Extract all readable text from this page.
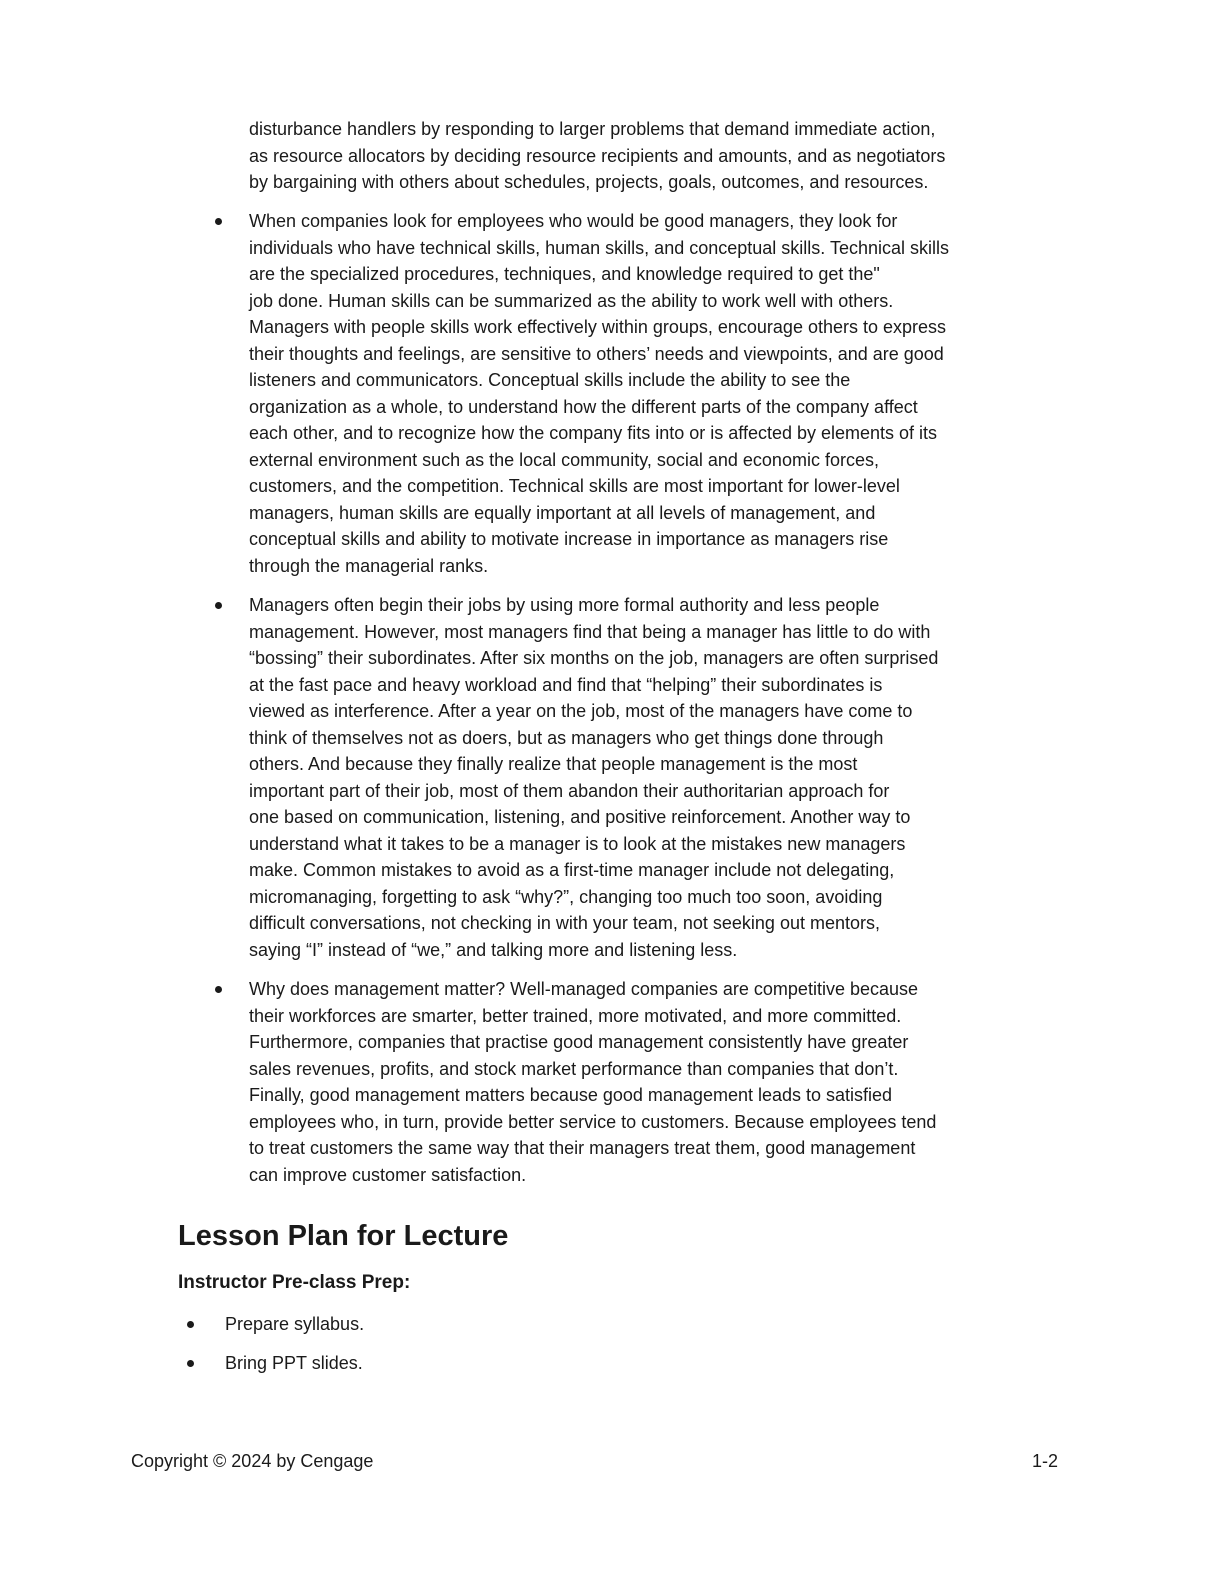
disturbance handlers by responding to larger problems that demand immediate action,
as resource allocators by deciding resource recipients and amounts, and as negotiators
by bargaining with others about schedules, projects, goals, outcomes, and resources.

When companies look for employees who would be good managers, they look for
individuals who have technical skills, human skills, and conceptual skills. Technical skills
are the specialized procedures, techniques, and knowledge required to get the"
job done. Human skills can be summarized as the ability to work well with others.
Managers with people skills work effectively within groups, encourage others to express
their thoughts and feelings, are sensitive to others’ needs and viewpoints, and are good
listeners and communicators. Conceptual skills include the ability to see the
organization as a whole, to understand how the different parts of the company affect
each other, and to recognize how the company fits into or is affected by elements of its
external environment such as the local community, social and economic forces,
customers, and the competition. Technical skills are most important for lower-level
managers, human skills are equally important at all levels of management, and
conceptual skills and ability to motivate increase in importance as managers rise
through the managerial ranks.
Managers often begin their jobs by using more formal authority and less people
management. However, most managers find that being a manager has little to do with
“bossing” their subordinates. After six months on the job, managers are often surprised
at the fast pace and heavy workload and find that “helping” their subordinates is
viewed as interference. After a year on the job, most of the managers have come to
think of themselves not as doers, but as managers who get things done through
others. And because they finally realize that people management is the most
important part of their job, most of them abandon their authoritarian approach for
one based on communication, listening, and positive reinforcement. Another way to
understand what it takes to be a manager is to look at the mistakes new managers
make. Common mistakes to avoid as a first-time manager include not delegating,
micromanaging, forgetting to ask “why?”, changing too much too soon, avoiding
difficult conversations, not checking in with your team, not seeking out mentors,
saying “I” instead of “we,” and talking more and listening less.
Why does management matter? Well-managed companies are competitive because
their workforces are smarter, better trained, more motivated, and more committed.
Furthermore, companies that practise good management consistently have greater
sales revenues, profits, and stock market performance than companies that don’t.
Finally, good management matters because good management leads to satisfied
employees who, in turn, provide better service to customers. Because employees tend
to treat customers the same way that their managers treat them, good management
can improve customer satisfaction.
Lesson Plan for Lecture
Instructor Pre-class Prep:
Prepare syllabus.
Bring PPT slides.
Copyright © 2024 by Cengage	1-2
